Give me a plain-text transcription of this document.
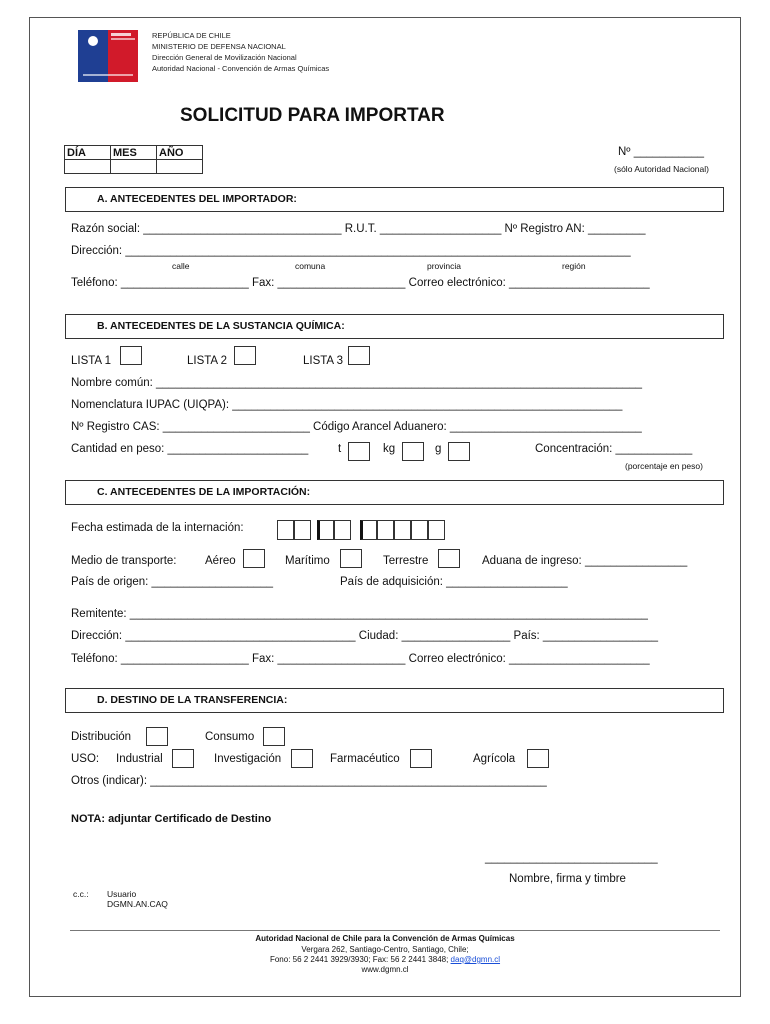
REPÚBLICA DE CHILE
MINISTERIO DE DEFENSA NACIONAL
Dirección General de Movilización Nacional
Autoridad Nacional - Convención de Armas Químicas
SOLICITUD PARA IMPORTAR
DÍA	MES	AÑO
			Nº ___________
(sólo Autoridad Nacional)
A. ANTECEDENTES DEL IMPORTADOR:
Razón social: _______________________________ R.U.T. ___________________ Nº Registro AN: _________
Dirección: _______________________________________________________________________________
calle	comuna	provincia	región
Teléfono: ____________________ Fax: ____________________ Correo electrónico: ______________________
B. ANTECEDENTES DE LA SUSTANCIA QUÍMICA:
LISTA 1	LISTA 2	LISTA 3
Nombre común: ____________________________________________________________________________
Nomenclatura IUPAC (UIQPA): _____________________________________________________________
Nº Registro CAS: _______________________ Código Arancel Aduanero: ______________________________
Cantidad en peso: ______________________	t	kg	g	Concentración: ____________
(porcentaje en peso)
C. ANTECEDENTES DE LA IMPORTACIÓN:
Fecha estimada de la internación:
Medio de transporte: Aéreo	Marítimo	Terrestre	Aduana de ingreso: ________________
País de origen: ___________________	País de adquisición: ___________________
Remitente: _________________________________________________________________________________
Dirección: ____________________________________ Ciudad: _________________ País: __________________
Teléfono: ____________________ Fax: ____________________ Correo electrónico: ______________________
D. DESTINO DE LA TRANSFERENCIA:
Distribución	Consumo
USO: Industrial	Investigación	Farmacéutico	Agrícola
Otros (indicar): ______________________________________________________________
NOTA: adjuntar Certificado de Destino
___________________________
Nombre, firma y timbre
c.c.: Usuario
DGMN.AN.CAQ
Autoridad Nacional de Chile para la Convención de Armas Químicas
Vergara 262, Santiago-Centro, Santiago, Chile;
Fono: 56 2 2441 3929/3930; Fax: 56 2 2441 3848; daq@dgmn.cl
www.dgmn.cl
